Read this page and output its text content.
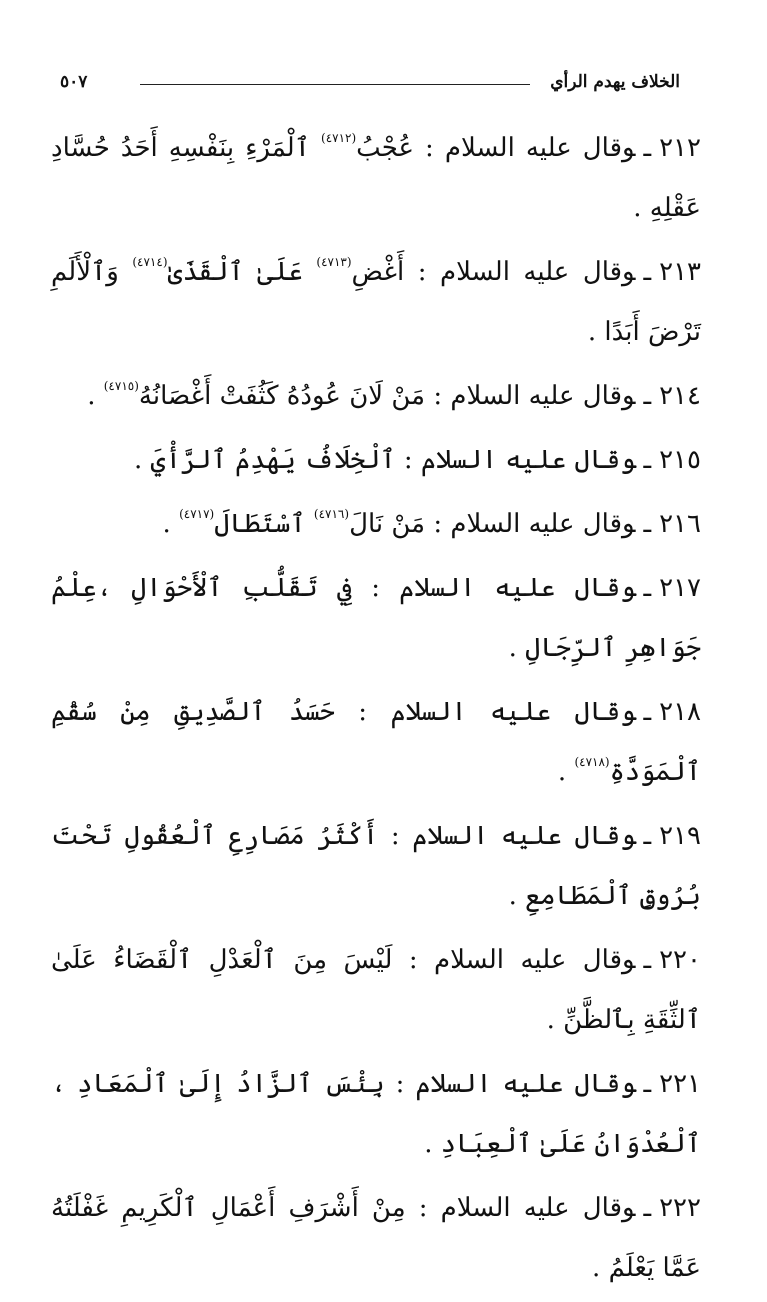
الخلاف يهدم الرأي
٥٠٧

٢١٢ـوقال عليه السلام : عُجْبُ$^{(٤٧١٢)}$ ٱلْمَرْءِ بِنَفْسِهِ أَحَدُ حُسَّادِ عَقْلِهِ .

٢١٣ـوقال عليه السلام : أَغْضِ$^{(٤٧١٣)}$ عَلَىٰ ٱلْقَذَىٰ$^{(٤٧١٤)}$ وَٱلْأَلَمِ تَرْضَ أَبَدًا .

٢١٤ـوقال عليه السلام : مَنْ لَانَ عُودُهُ كَثُفَتْ أَغْصَانُهُ$^{(٤٧١٥)}$ .

٢١٥ـوقال عليه السلام : ٱلْخِلَافُ يَهْدِمُ ٱلرَّأْيَ .

٢١٦ـوقال عليه السلام : مَنْ نَالَ$^{(٤٧١٦)}$ ٱسْتَطَالَ$^{(٤٧١٧)}$ .

٢١٧ـوقال عليه السلام : فِي تَقَلُّبِ ٱلْأَحْوَالِ ،عِلْمُ جَوَاهِرِ ٱلرِّجَالِ .

٢١٨ـوقال عليه السلام : حَسَدُ ٱلصَّدِيقِ مِنْ سُقْمِ ٱلْمَوَدَّةِ$^{(٤٧١٨)}$ .

٢١٩ـوقال عليه السلام : أَكْثَرُ مَصَارِعِ ٱلْعُقُولِ تَحْتَ بُرُوقِ ٱلْمَطَامِعِ .

٢٢٠ـوقال عليه السلام : لَيْسَ مِنَ ٱلْعَدْلِ ٱلْقَضَاءُ عَلَىٰ ٱلثِّقَةِ بِٱلظَّنِّ .

٢٢١ـوقال عليه السلام : بِئْسَ ٱلزَّادُ إِلَىٰ ٱلْمَعَادِ ، ٱلْعُدْوَانُ عَلَىٰ ٱلْعِبَادِ .

٢٢٢ـوقال عليه السلام : مِنْ أَشْرَفِ أَعْمَالِ ٱلْكَرِيمِ غَفْلَتُهُ عَمَّا يَعْلَمُ .
